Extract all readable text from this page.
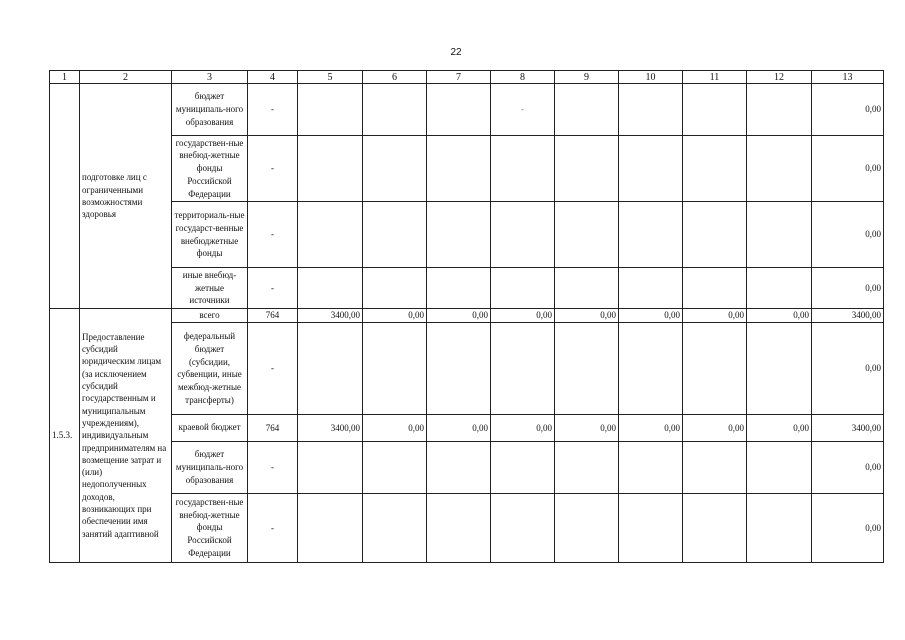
22
1	2	3	4	5	6	7	8	9	10	11	12	13
	подготовке лиц с ограниченными возможностями здоровья	бюджет муниципаль-ного образования	-				-					0,00
		государствен-ные внебюд-жетные фонды Российской Федерации	-									0,00
		территориаль-ные государст-венные внебюджетные фонды	-									0,00
		иные внебюд-жетные источники	-									0,00
1.5.3.	Предоставление субсидий юридическим лицам (за исключением субсидий государственным и муниципальным учреждениям), индивидуальным предпринимателям на возмещение затрат и (или) недополученных доходов, возникающих при обеспечении имя занятий адаптивной	всего	764	3400,00	0,00	0,00	0,00	0,00	0,00	0,00	0,00	3400,00
		федеральный бюджет (субсидии, субвенции, иные межбюд-жетные трансферты)	-									0,00
		краевой бюджет	764	3400,00	0,00	0,00	0,00	0,00	0,00	0,00	0,00	3400,00
		бюджет муниципаль-ного образования	-									0,00
		государствен-ные внебюд-жетные фонды Российской Федерации	-									0,00
